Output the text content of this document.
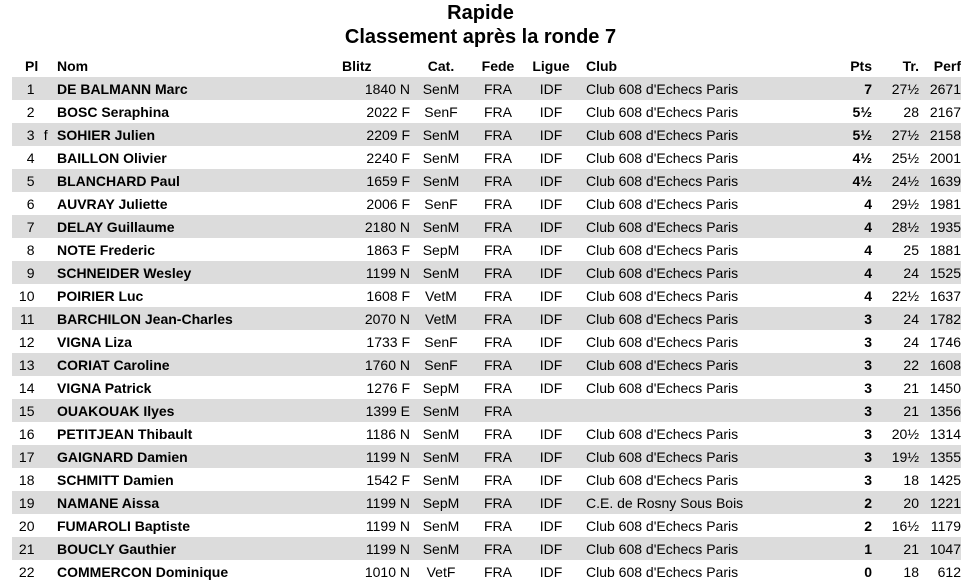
Rapide
Classement après la ronde 7
Pl		Nom	Blitz	Cat.	Fede	Ligue	Club	Pts	Tr.	Perf
1		DE BALMANN Marc	1840 N	SenM	FRA	IDF	Club 608 d'Echecs Paris	7	27½	2671
2		BOSC Seraphina	2022 F	SenF	FRA	IDF	Club 608 d'Echecs Paris	5½	28	2167
3	f	SOHIER Julien	2209 F	SenM	FRA	IDF	Club 608 d'Echecs Paris	5½	27½	2158
4		BAILLON Olivier	2240 F	SenM	FRA	IDF	Club 608 d'Echecs Paris	4½	25½	2001
5		BLANCHARD Paul	1659 F	SenM	FRA	IDF	Club 608 d'Echecs Paris	4½	24½	1639
6		AUVRAY Juliette	2006 F	SenF	FRA	IDF	Club 608 d'Echecs Paris	4	29½	1981
7		DELAY Guillaume	2180 N	SenM	FRA	IDF	Club 608 d'Echecs Paris	4	28½	1935
8		NOTE Frederic	1863 F	SepM	FRA	IDF	Club 608 d'Echecs Paris	4	25	1881
9		SCHNEIDER Wesley	1199 N	SenM	FRA	IDF	Club 608 d'Echecs Paris	4	24	1525
10		POIRIER Luc	1608 F	VetM	FRA	IDF	Club 608 d'Echecs Paris	4	22½	1637
11		BARCHILON Jean-Charles	2070 N	VetM	FRA	IDF	Club 608 d'Echecs Paris	3	24	1782
12		VIGNA Liza	1733 F	SenF	FRA	IDF	Club 608 d'Echecs Paris	3	24	1746
13		CORIAT Caroline	1760 N	SenF	FRA	IDF	Club 608 d'Echecs Paris	3	22	1608
14		VIGNA Patrick	1276 F	SepM	FRA	IDF	Club 608 d'Echecs Paris	3	21	1450
15		OUAKOUAK Ilyes	1399 E	SenM	FRA			3	21	1356
16		PETITJEAN Thibault	1186 N	SenM	FRA	IDF	Club 608 d'Echecs Paris	3	20½	1314
17		GAIGNARD Damien	1199 N	SenM	FRA	IDF	Club 608 d'Echecs Paris	3	19½	1355
18		SCHMITT Damien	1542 F	SenM	FRA	IDF	Club 608 d'Echecs Paris	3	18	1425
19		NAMANE Aissa	1199 N	SepM	FRA	IDF	C.E. de Rosny Sous Bois	2	20	1221
20		FUMAROLI Baptiste	1199 N	SenM	FRA	IDF	Club 608 d'Echecs Paris	2	16½	1179
21		BOUCLY Gauthier	1199 N	SenM	FRA	IDF	Club 608 d'Echecs Paris	1	21	1047
22		COMMERCON Dominique	1010 N	VetF	FRA	IDF	Club 608 d'Echecs Paris	0	18	612
